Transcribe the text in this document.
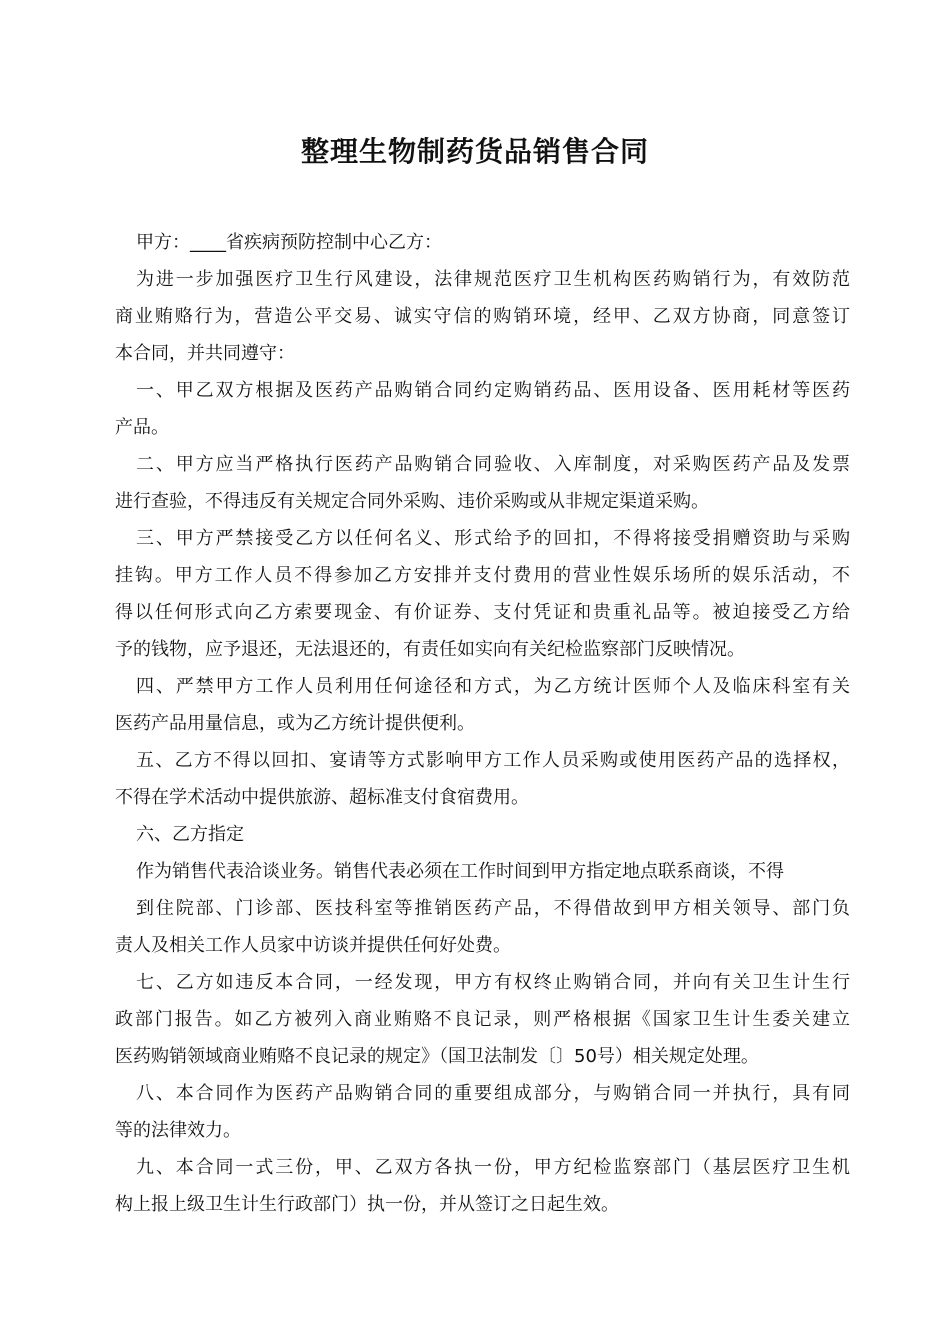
整理生物制药货品销售合同
甲方：____省疾病预防控制中心乙方：
为进一步加强医疗卫生行风建设，法律规范医疗卫生机构医药购销行为，有效防范
商业贿赂行为，营造公平交易、诚实守信的购销环境，经甲、乙双方协商，同意签订
本合同，并共同遵守：
一、甲乙双方根据及医药产品购销合同约定购销药品、医用设备、医用耗材等医药
产品。
二、甲方应当严格执行医药产品购销合同验收、入库制度，对采购医药产品及发票
进行查验，不得违反有关规定合同外采购、违价采购或从非规定渠道采购。
三、甲方严禁接受乙方以任何名义、形式给予的回扣，不得将接受捐赠资助与采购
挂钩。甲方工作人员不得参加乙方安排并支付费用的营业性娱乐场所的娱乐活动，不
得以任何形式向乙方索要现金、有价证券、支付凭证和贵重礼品等。被迫接受乙方给
予的钱物，应予退还，无法退还的，有责任如实向有关纪检监察部门反映情况。
四、严禁甲方工作人员利用任何途径和方式，为乙方统计医师个人及临床科室有关
医药产品用量信息，或为乙方统计提供便利。
五、乙方不得以回扣、宴请等方式影响甲方工作人员采购或使用医药产品的选择权，
不得在学术活动中提供旅游、超标准支付食宿费用。
六、乙方指定
作为销售代表洽谈业务。销售代表必须在工作时间到甲方指定地点联系商谈，不得
到住院部、门诊部、医技科室等推销医药产品，不得借故到甲方相关领导、部门负
责人及相关工作人员家中访谈并提供任何好处费。
七、乙方如违反本合同，一经发现，甲方有权终止购销合同，并向有关卫生计生行
政部门报告。如乙方被列入商业贿赂不良记录，则严格根据《国家卫生计生委关建立
医药购销领域商业贿赂不良记录的规定》（国卫法制发〔〕50号）相关规定处理。
八、本合同作为医药产品购销合同的重要组成部分，与购销合同一并执行，具有同
等的法律效力。
九、本合同一式三份，甲、乙双方各执一份，甲方纪检监察部门（基层医疗卫生机
构上报上级卫生计生行政部门）执一份，并从签订之日起生效。
